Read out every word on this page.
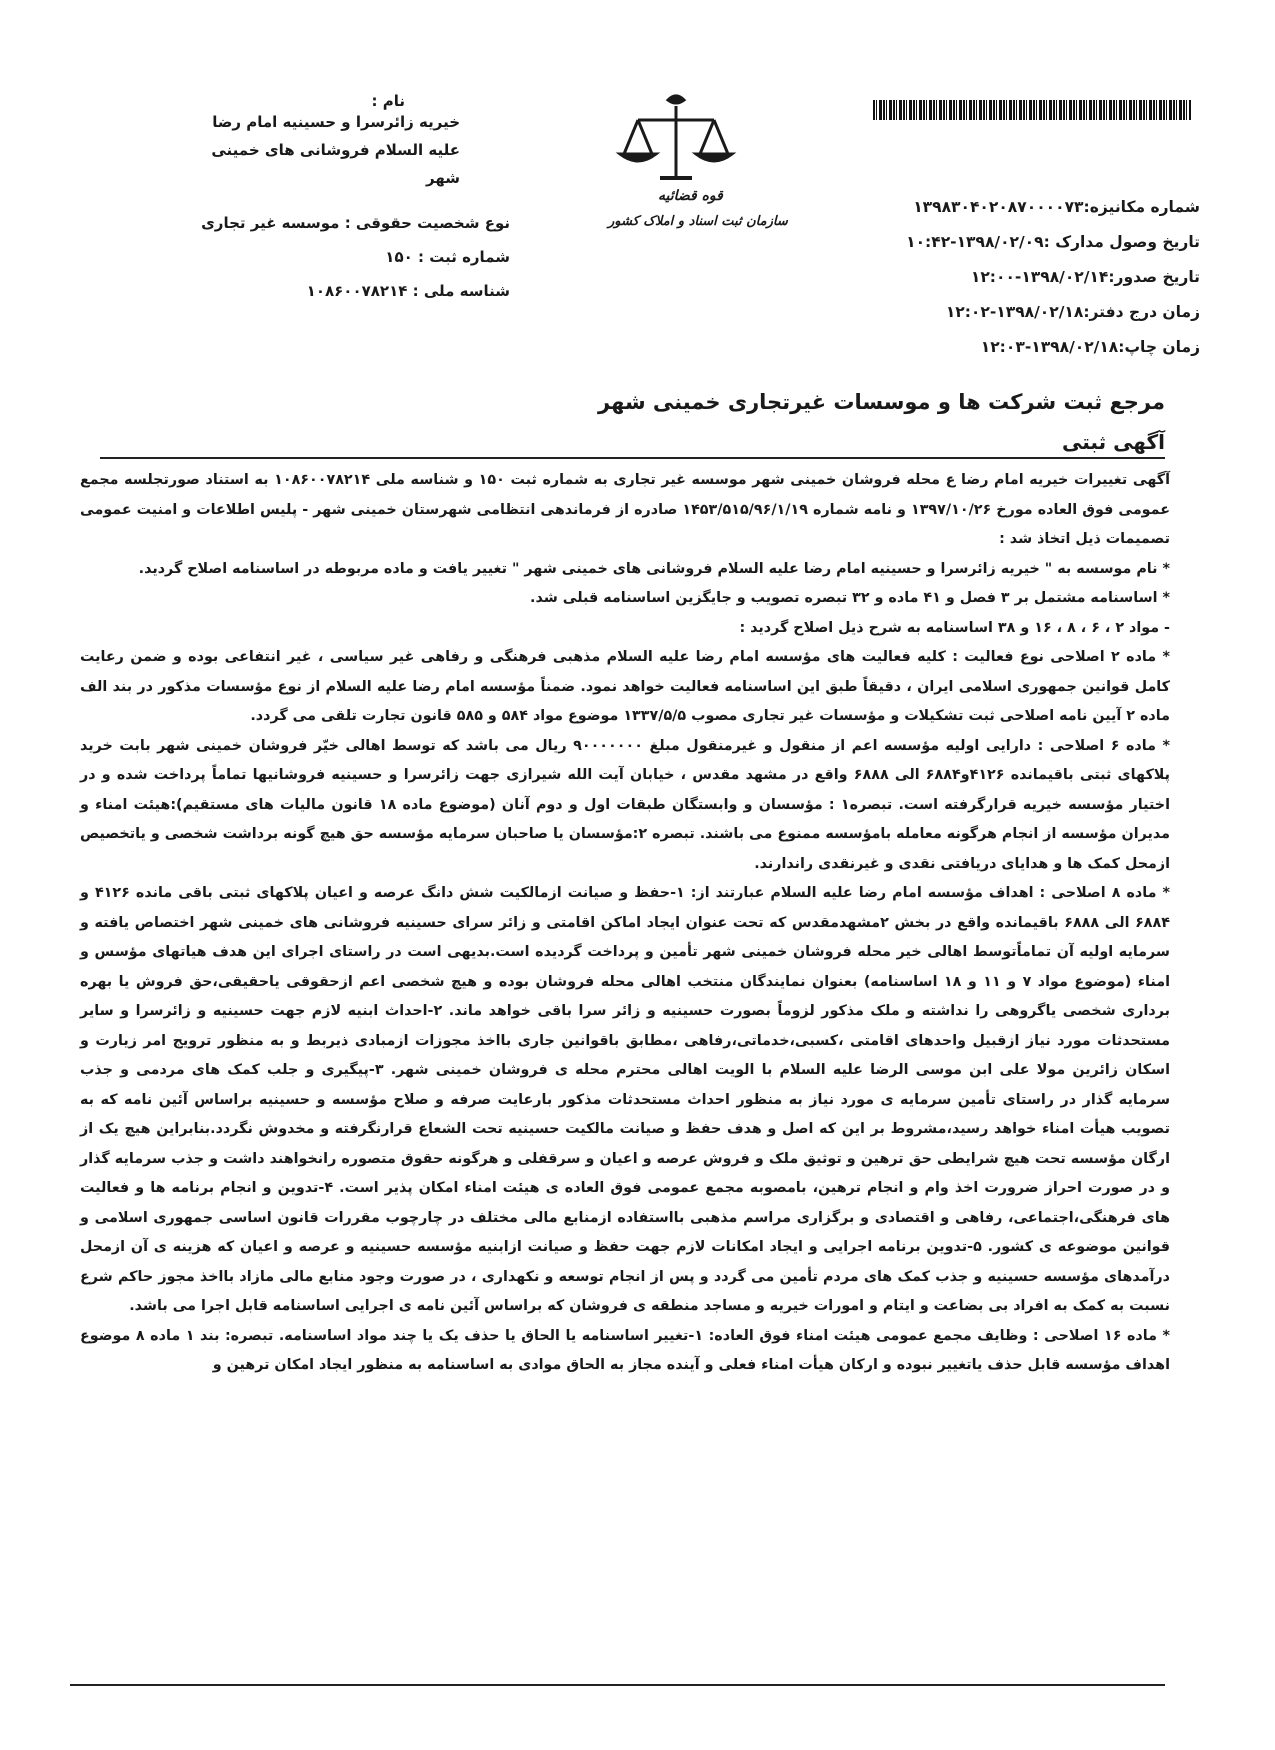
شماره مکانیزه:۱۳۹۸۳۰۴۰۲۰۸۷۰۰۰۰۷۳
تاریخ وصول مدارک :۱۳۹۸/۰۲/۰۹-۱۰:۴۲
تاریخ صدور:۱۳۹۸/۰۲/۱۴-۱۲:۰۰
زمان درج دفتر:۱۳۹۸/۰۲/۱۸-۱۲:۰۲
زمان چاپ:۱۳۹۸/۰۲/۱۸-۱۲:۰۳
قوه قضائیه
سازمان ثبت اسناد و املاک کشور
نام :
خیریه زائرسرا و حسینیه امام رضا علیه السلام فروشانی های خمینی شهر
نوع شخصیت حقوقی : موسسه غیر تجاری
شماره ثبت : ۱۵۰
شناسه ملی : ۱۰۸۶۰۰۷۸۲۱۴
مرجع ثبت شرکت ها و موسسات غیرتجاری خمینی شهر
آگهی ثبتی

آگهی تغییرات خیریه امام رضا ع محله فروشان خمینی شهر موسسه غیر تجاری به شماره ثبت ۱۵۰ و شناسه ملی ۱۰۸۶۰۰۷۸۲۱۴ به استناد صورتجلسه مجمع عمومی فوق العاده مورخ ۱۳۹۷/۱۰/۲۶ و نامه شماره ۱۴۵۳/۵۱۵/۹۶/۱/۱۹ صادره از فرماندهی انتظامی شهرستان خمینی شهر - پلیس اطلاعات و امنیت عمومی تصمیمات ذیل اتخاذ شد :

* نام موسسه به " خیریه زائرسرا و حسینیه امام رضا علیه السلام فروشانی های خمینی شهر " تغییر یافت و ماده مربوطه در اساسنامه اصلاح گردید.

* اساسنامه مشتمل بر ۳ فصل و ۴۱ ماده و ۳۲ تبصره تصویب و جایگزین اساسنامه قبلی شد.

- مواد ۲ ، ۶ ، ۸ ، ۱۶ و ۳۸ اساسنامه به شرح ذیل اصلاح گردید :

* ماده ۲ اصلاحی نوع فعالیت : کلیه فعالیت های مؤسسه امام رضا علیه السلام مذهبی فرهنگی و رفاهی غیر سیاسی ، غیر انتفاعی بوده و ضمن رعایت کامل قوانین جمهوری اسلامی ایران ، دقیقاً طبق این اساسنامه فعالیت خواهد نمود. ضمناً مؤسسه امام رضا علیه السلام از نوع مؤسسات مذکور در بند الف ماده ۲ آیین نامه اصلاحی ثبت تشکیلات و مؤسسات غیر تجاری مصوب ۱۳۳۷/۵/۵ موضوع مواد ۵۸۴ و ۵۸۵ قانون تجارت تلقی می گردد.

* ماده ۶ اصلاحی : دارایی اولیه مؤسسه اعم از منقول و غیرمنقول مبلغ ۹۰۰۰۰۰۰۰ ریال می باشد که توسط اهالی خیّر فروشان خمینی شهر بابت خرید پلاکهای ثبتی باقیمانده ۴۱۲۶و۶۸۸۴ الی ۶۸۸۸ واقع در مشهد مقدس ، خیابان آیت الله شیرازی جهت زائرسرا و حسینیه فروشانیها تماماً پرداخت شده و در اختیار مؤسسه خیریه قرارگرفته است. تبصره۱ : مؤسسان و وابستگان طبقات اول و دوم آنان (موضوع ماده ۱۸ قانون مالیات های مستقیم):هیئت امناء و مدیران مؤسسه از انجام هرگونه معامله بامؤسسه ممنوع می باشند. تبصره ۲:مؤسسان یا صاحبان سرمایه مؤسسه حق هیچ گونه برداشت شخصی و یاتخصیص ازمحل کمک ها و هدایای دریافتی نقدی و غیرنقدی راندارند.

* ماده ۸ اصلاحی : اهداف مؤسسه امام رضا علیه السلام عبارتند از: ۱-حفظ و صیانت ازمالکیت شش دانگ عرصه و اعیان پلاکهای ثبتی باقی مانده ۴۱۲۶ و ۶۸۸۴ الی ۶۸۸۸ باقیمانده واقع در بخش ۲مشهدمقدس که تحت عنوان ایجاد اماکن اقامتی و زائر سرای حسینیه فروشانی های خمینی شهر اختصاص یافته و سرمایه اولیه آن تماماًتوسط اهالی خیر محله فروشان خمینی شهر تأمین و پرداخت گردیده است.بدیهی است در راستای اجرای این هدف هیاتهای مؤسس و امناء (موضوع مواد ۷ و ۱۱ و ۱۸ اساسنامه) بعنوان نمایندگان منتخب اهالی محله فروشان بوده و هیچ شخصی اعم ازحقوقی یاحقیقی،حق فروش یا بهره برداری شخصی یاگروهی را نداشته و ملک مذکور لزوماً بصورت حسینیه و زائر سرا باقی خواهد ماند. ۲-احداث ابنیه لازم جهت حسینیه و زائرسرا و سایر مستحدثات مورد نیاز ازقبیل واحدهای اقامتی ،کسبی،خدماتی،رفاهی ،مطابق باقوانین جاری بااخذ مجوزات ازمبادی ذیربط و به منظور ترویج امر زیارت و اسکان زائرین مولا علی ابن موسی الرضا علیه السلام با الویت اهالی محترم محله ی فروشان خمینی شهر. ۳-پیگیری و جلب کمک های مردمی و جذب سرمایه گذار در راستای تأمین سرمایه ی مورد نیاز به منظور احداث مستحدثات مذکور بارعایت صرفه و صلاح مؤسسه و حسینیه براساس آئین نامه که به تصویب هیأت امناء خواهد رسید،مشروط بر این که اصل و هدف حفظ و صیانت مالکیت حسینیه تحت الشعاع قرارنگرفته و مخدوش نگردد.بنابراین هیچ یک از ارگان مؤسسه تحت هیچ شرایطی حق ترهین و توثیق ملک و فروش عرصه و اعیان و سرقفلی و هرگونه حقوق متصوره رانخواهند داشت و جذب سرمایه گذار و در صورت احراز ضرورت اخذ وام و انجام ترهین، بامصوبه مجمع عمومی فوق العاده ی هیئت امناء امکان پذیر است. ۴-تدوین و انجام برنامه ها و فعالیت های فرهنگی،اجتماعی، رفاهی و اقتصادی و برگزاری مراسم مذهبی بااستفاده ازمنابع مالی مختلف در چارچوب مقررات قانون اساسی جمهوری اسلامی و قوانین موضوعه ی کشور. ۵-تدوین برنامه اجرایی و ایجاد امکانات لازم جهت حفظ و صیانت ازابنیه مؤسسه حسینیه و عرصه و اعیان که هزینه ی آن ازمحل درآمدهای مؤسسه حسینیه و جذب کمک های مردم تأمین می گردد و پس از انجام توسعه و نکهداری ، در صورت وجود منابع مالی مازاد بااخذ مجوز حاکم شرع نسبت به کمک به افراد بی بضاعت و ایتام و امورات خیریه و مساجد منطقه ی فروشان که براساس آئین نامه ی اجرایی اساسنامه قابل اجرا می باشد.

* ماده ۱۶ اصلاحی : وظایف مجمع عمومی هیئت امناء فوق العاده: ۱-تغییر اساسنامه یا الحاق یا حذف یک یا چند مواد اساسنامه. تبصره: بند ۱ ماده ۸ موضوع اهداف مؤسسه قابل حذف یاتغییر نبوده و ارکان هیأت امناء فعلی و آینده مجاز به الحاق موادی به اساسنامه به منظور ایجاد امکان ترهین و
